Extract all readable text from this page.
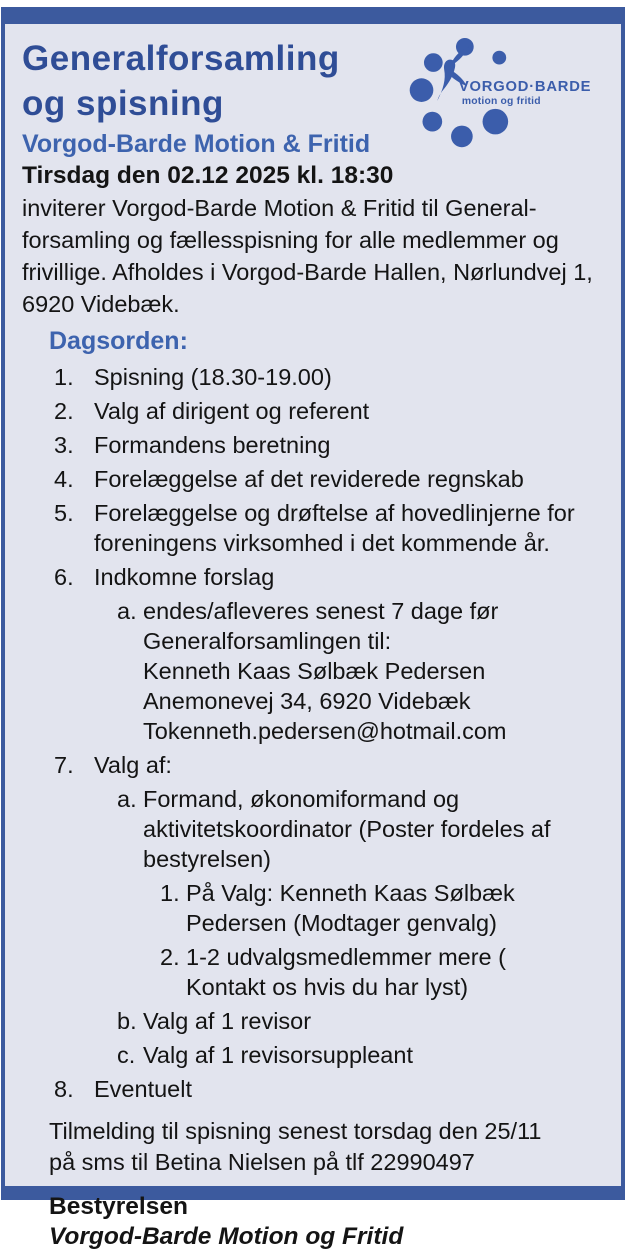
Generalforsamling
og spisning	VORGOD·BARDE
motion og fritid
Vorgod-Barde Motion & Fritid
Tirsdag den 02.12 2025 kl. 18:30
inviterer Vorgod-Barde Motion & Fritid til General-
forsamling og fællesspisning for alle medlemmer og
frivillige. Afholdes i Vorgod-Barde Hallen, Nørlundvej 1,
6920 Videbæk.
Dagsorden:
1. Spisning (18.30-19.00)
2. Valg af dirigent og referent
3. Formandens beretning
4. Forelæggelse af det reviderede regnskab
5. Forelæggelse og drøftelse af hovedlinjerne for
foreningens virksomhed i det kommende år.
6. Indkomne forslag
a. endes/afleveres senest 7 dage før
Generalforsamlingen til:
Kenneth Kaas Sølbæk Pedersen
Anemonevej 34, 6920 Videbæk
Tokenneth.pedersen@hotmail.com
7. Valg af:
a. Formand, økonomiformand og
aktivitetskoordinator (Poster fordeles af
bestyrelsen)
1. På Valg: Kenneth Kaas Sølbæk
Pedersen (Modtager genvalg)
2. 1-2 udvalgsmedlemmer mere (
Kontakt os hvis du har lyst)
b. Valg af 1 revisor
c. Valg af 1 revisorsuppleant
8. Eventuelt
Tilmelding til spisning senest torsdag den 25/11
på sms til Betina Nielsen på tlf 22990497
Bestyrelsen
Vorgod-Barde Motion og Fritid
